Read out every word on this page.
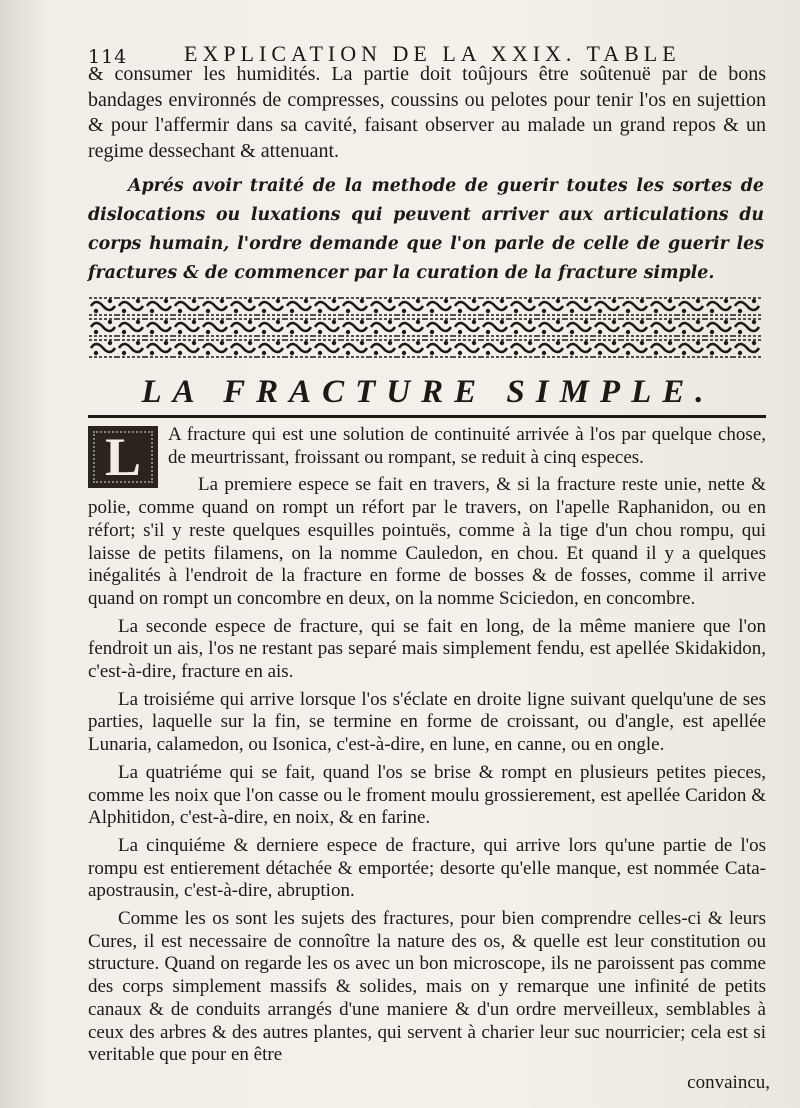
114	EXPLICATION DE LA XXIX. TABLE
& consumer les humidités. La partie doit toûjours être soûtenuë par de bons bandages environnés de compresses, coussins ou pelotes pour tenir l'os en sujettion & pour l'affermir dans sa cavité, faisant observer au malade un grand repos & un regime dessechant & attenuant.
Aprés avoir traité de la methode de guerir toutes les sortes de dislocations ou luxations qui peuvent arriver aux articulations du corps humain, l'ordre demande que l'on parle de celle de guerir les fractures & de commencer par la curation de la fracture simple.
LA FRACTURE SIMPLE.

L	A fracture qui est une solution de continuité arrivée à l'os par quelque chose, de meurtrissant, froissant ou rompant, se reduit à cinq especes.

La premiere espece se fait en travers, & si la fracture reste unie, nette & polie, comme quand on rompt un réfort par le travers, on l'apelle Raphanidon, ou en réfort; s'il y reste quelques esquilles pointuës, comme à la tige d'un chou rompu, qui laisse de petits filamens, on la nomme Cauledon, en chou. Et quand il y a quelques inégalités à l'endroit de la fracture en forme de bosses & de fosses, comme il arrive quand on rompt un concombre en deux, on la nomme Sciciedon, en concombre.

La seconde espece de fracture, qui se fait en long, de la même maniere que l'on fendroit un ais, l'os ne restant pas separé mais simplement fendu, est apellée Skidakidon, c'est-à-dire, fracture en ais.

La troisiéme qui arrive lorsque l'os s'éclate en droite ligne suivant quelqu'une de ses parties, laquelle sur la fin, se termine en forme de croissant, ou d'angle, est apellée Lunaria, calamedon, ou Isonica, c'est-à-dire, en lune, en canne, ou en ongle.

La quatriéme qui se fait, quand l'os se brise & rompt en plusieurs petites pieces, comme les noix que l'on casse ou le froment moulu grossierement, est apellée Caridon & Alphitidon, c'est-à-dire, en noix, & en farine.

La cinquiéme & derniere espece de fracture, qui arrive lors qu'une partie de l'os rompu est entierement détachée & emportée; desorte qu'elle manque, est nommée Cata-apostrausin, c'est-à-dire, abruption.

Comme les os sont les sujets des fractures, pour bien comprendre celles-ci & leurs Cures, il est necessaire de connoître la nature des os, & quelle est leur constitution ou structure. Quand on regarde les os avec un bon microscope, ils ne paroissent pas comme des corps simplement massifs & solides, mais on y remarque une infinité de petits canaux & de conduits arrangés d'une maniere & d'un ordre merveilleux, semblables à ceux des arbres & des autres plantes, qui servent à charier leur suc nourricier; cela est si veritable que pour en être

convaincu,
